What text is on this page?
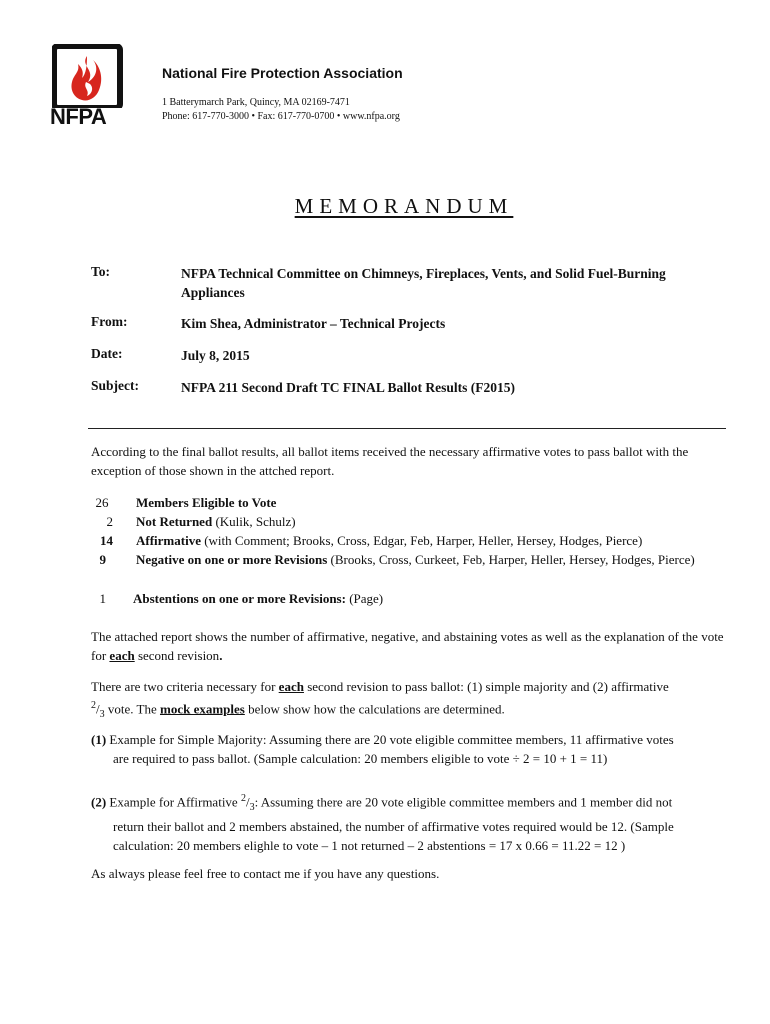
NFPA
National Fire Protection Association
1 Batterymarch Park, Quincy, MA 02169-7471
Phone: 617-770-3000 • Fax: 617-770-0700 • www.nfpa.org
MEMORANDUM
To:	NFPA Technical Committee on Chimneys, Fireplaces, Vents, and Solid Fuel-Burning Appliances
From:	Kim Shea, Administrator – Technical Projects
Date:	July 8, 2015
Subject:	NFPA 211 Second Draft TC FINAL Ballot Results (F2015)
According to the final ballot results, all ballot items received the necessary affirmative votes to pass ballot with the exception of those shown in the attched report.
26	Members Eligible to Vote
2 Not Returned (Kulik, Schulz)
14 Affirmative (with Comment; Brooks, Cross, Edgar, Feb, Harper, Heller, Hersey, Hodges, Pierce)
9 Negative on one or more Revisions (Brooks, Cross, Curkeet, Feb, Harper, Heller, Hersey, Hodges, Pierce)
1 Abstentions on one or more Revisions: (Page)
The attached report shows the number of affirmative, negative, and abstaining votes as well as the explanation of the vote for each second revision.
There are two criteria necessary for each second revision to pass ballot: (1) simple majority and (2) affirmative
$^2/_3$ vote. The mock examples below show how the calculations are determined.
(1) Example for Simple Majority: Assuming there are 20 vote eligible committee members, 11 affirmative votes
are required to pass ballot. (Sample calculation: 20 members eligible to vote ÷ 2 = 10 + 1 = 11)
(2) Example for Affirmative $^2/_3$: Assuming there are 20 vote eligible committee members and 1 member did not
return their ballot and 2 members abstained, the number of affirmative votes required would be 12. (Sample
calculation: 20 members elighle to vote – 1 not returned – 2 abstentions = 17 x 0.66 = 11.22 = 12 )
As always please feel free to contact me if you have any questions.
